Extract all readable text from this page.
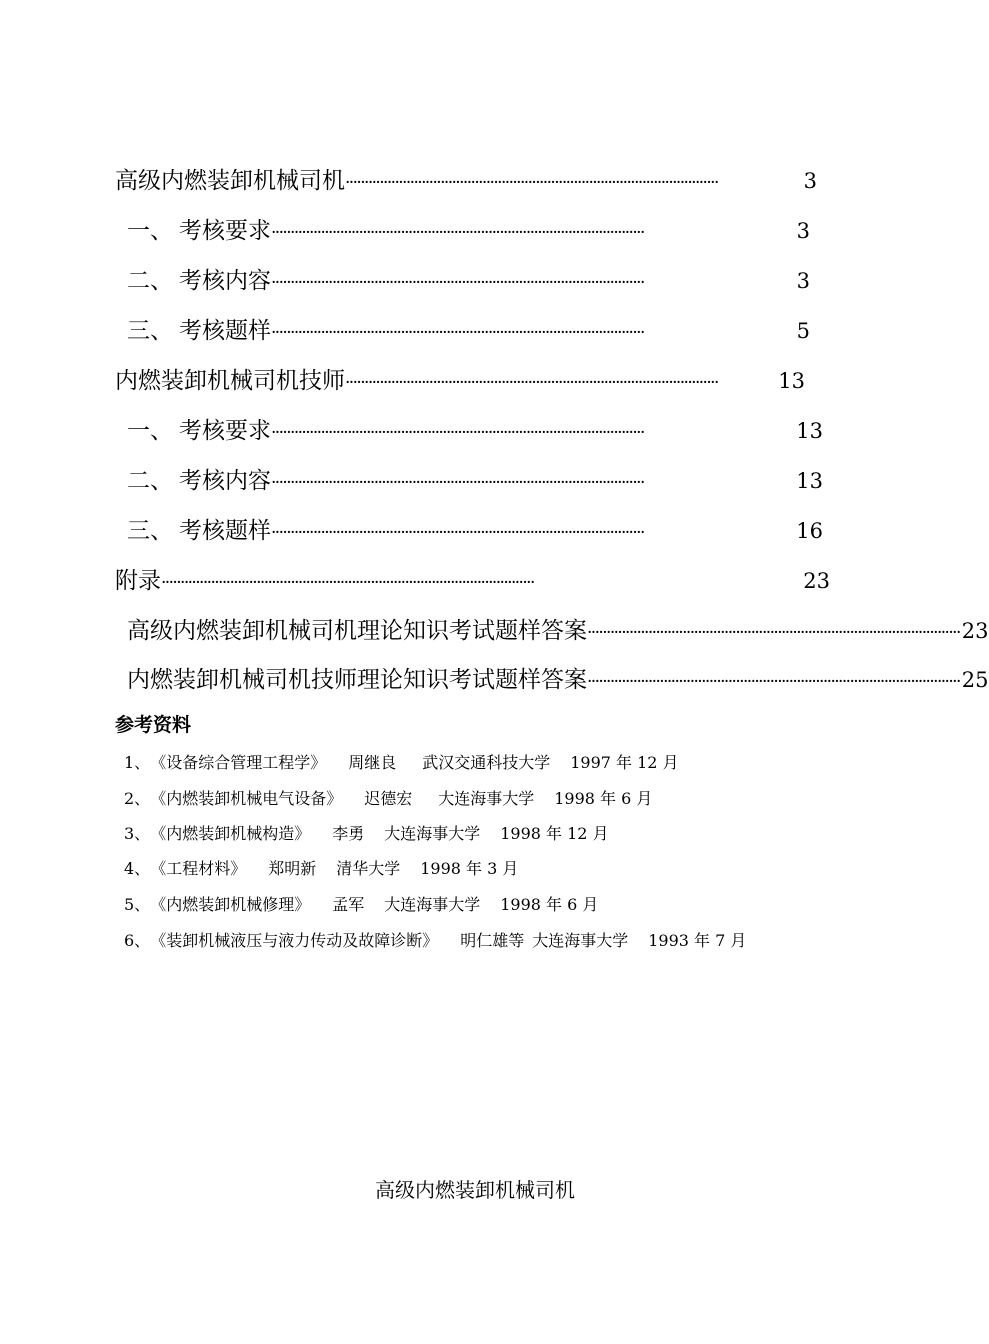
高级内燃装卸机械司机 ··································································································	3
一、 考核要求 ··································································································	3
二、 考核内容 ··································································································	3
三、 考核题样 ··································································································	5
内燃装卸机械司机技师 ··································································································	13
一、 考核要求 ··································································································	13
二、 考核内容 ··································································································	13
三、 考核题样 ··································································································	16
附录 ··································································································	23
高级内燃装卸机械司机理论知识考试题样答案 ·································································································· 23
内燃装卸机械司机技师理论知识考试题样答案 ·································································································· 25
参考资料
1、《设备综合管理工程学》 周继良 武汉交通科技大学 1997 年 12 月
2、《内燃装卸机械电气设备》 迟德宏 大连海事大学 1998 年 6 月
3、《内燃装卸机械构造》 李勇 大连海事大学 1998 年 12 月
4、《工程材料》 郑明新 清华大学 1998 年 3 月
5、《内燃装卸机械修理》 孟军 大连海事大学 1998 年 6 月
6、《装卸机械液压与液力传动及故障诊断》 明仁雄等 大连海事大学 1993 年 7 月
高级内燃装卸机械司机
